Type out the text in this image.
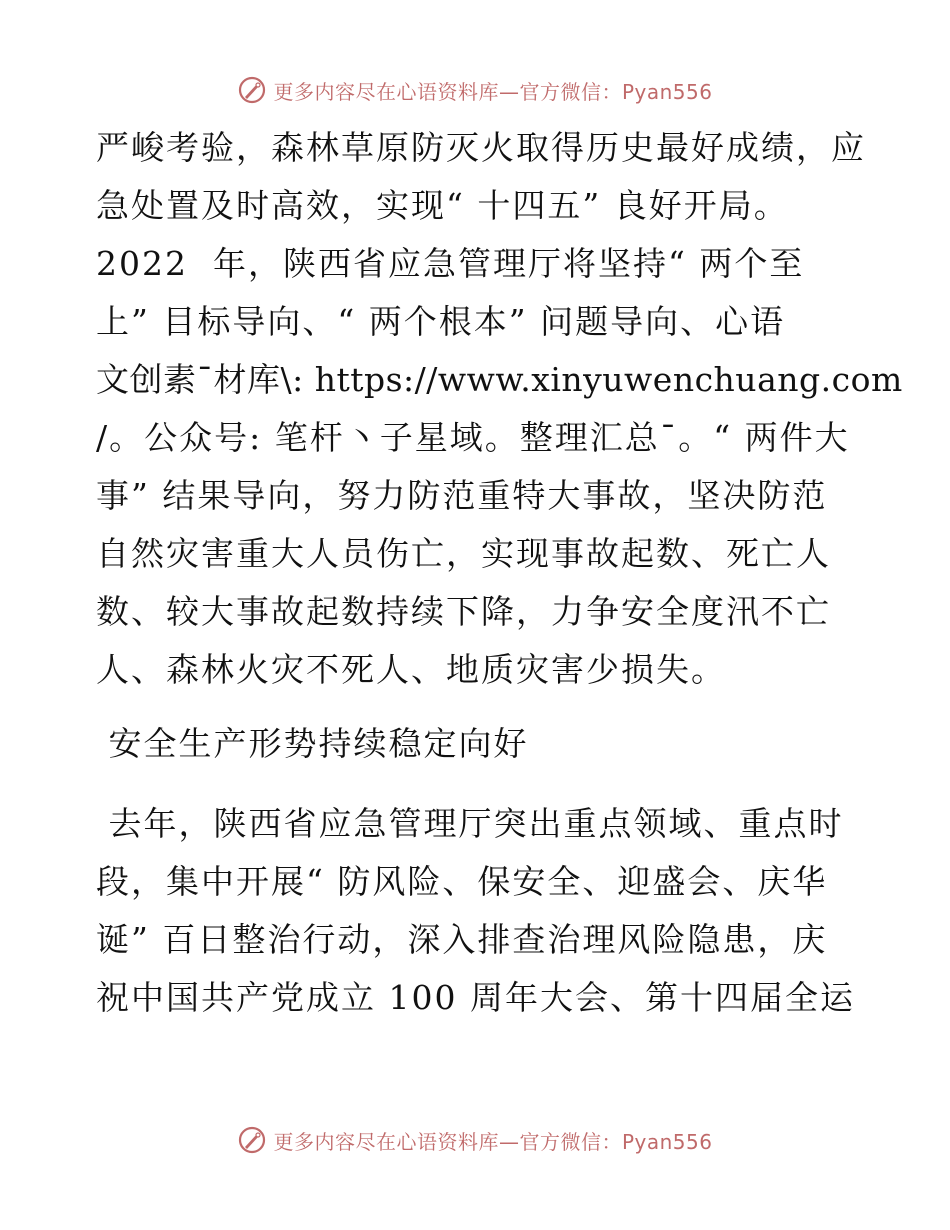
更多内容尽在心语资料库—官方微信：Pyan556
严峻考验，森林草原防灭火取得历史最好成绩，应
急处置及时高效，实现“ 十四五” 良好开局。
2022  年，陕西省应急管理厅将坚持“ 两个至
上” 目标导向、“ 两个根本” 问题导向、心语
文创素¯材库\: https://www.xinyuwenchuang.com
/。公众号: 笔杆丶子星域。整理汇总¯。“ 两件大
事” 结果导向，努力防范重特大事故，坚决防范
自然灾害重大人员伤亡，实现事故起数、死亡人
数、较大事故起数持续下降，力争安全度汛不亡
人、森林火灾不死人、地质灾害少损失。
安全生产形势持续稳定向好
去年，陕西省应急管理厅突出重点领域、重点时
段，集中开展“ 防风险、保安全、迎盛会、庆华
诞” 百日整治行动，深入排查治理风险隐患，庆
祝中国共产党成立 100 周年大会、第十四届全运
更多内容尽在心语资料库—官方微信：Pyan556
